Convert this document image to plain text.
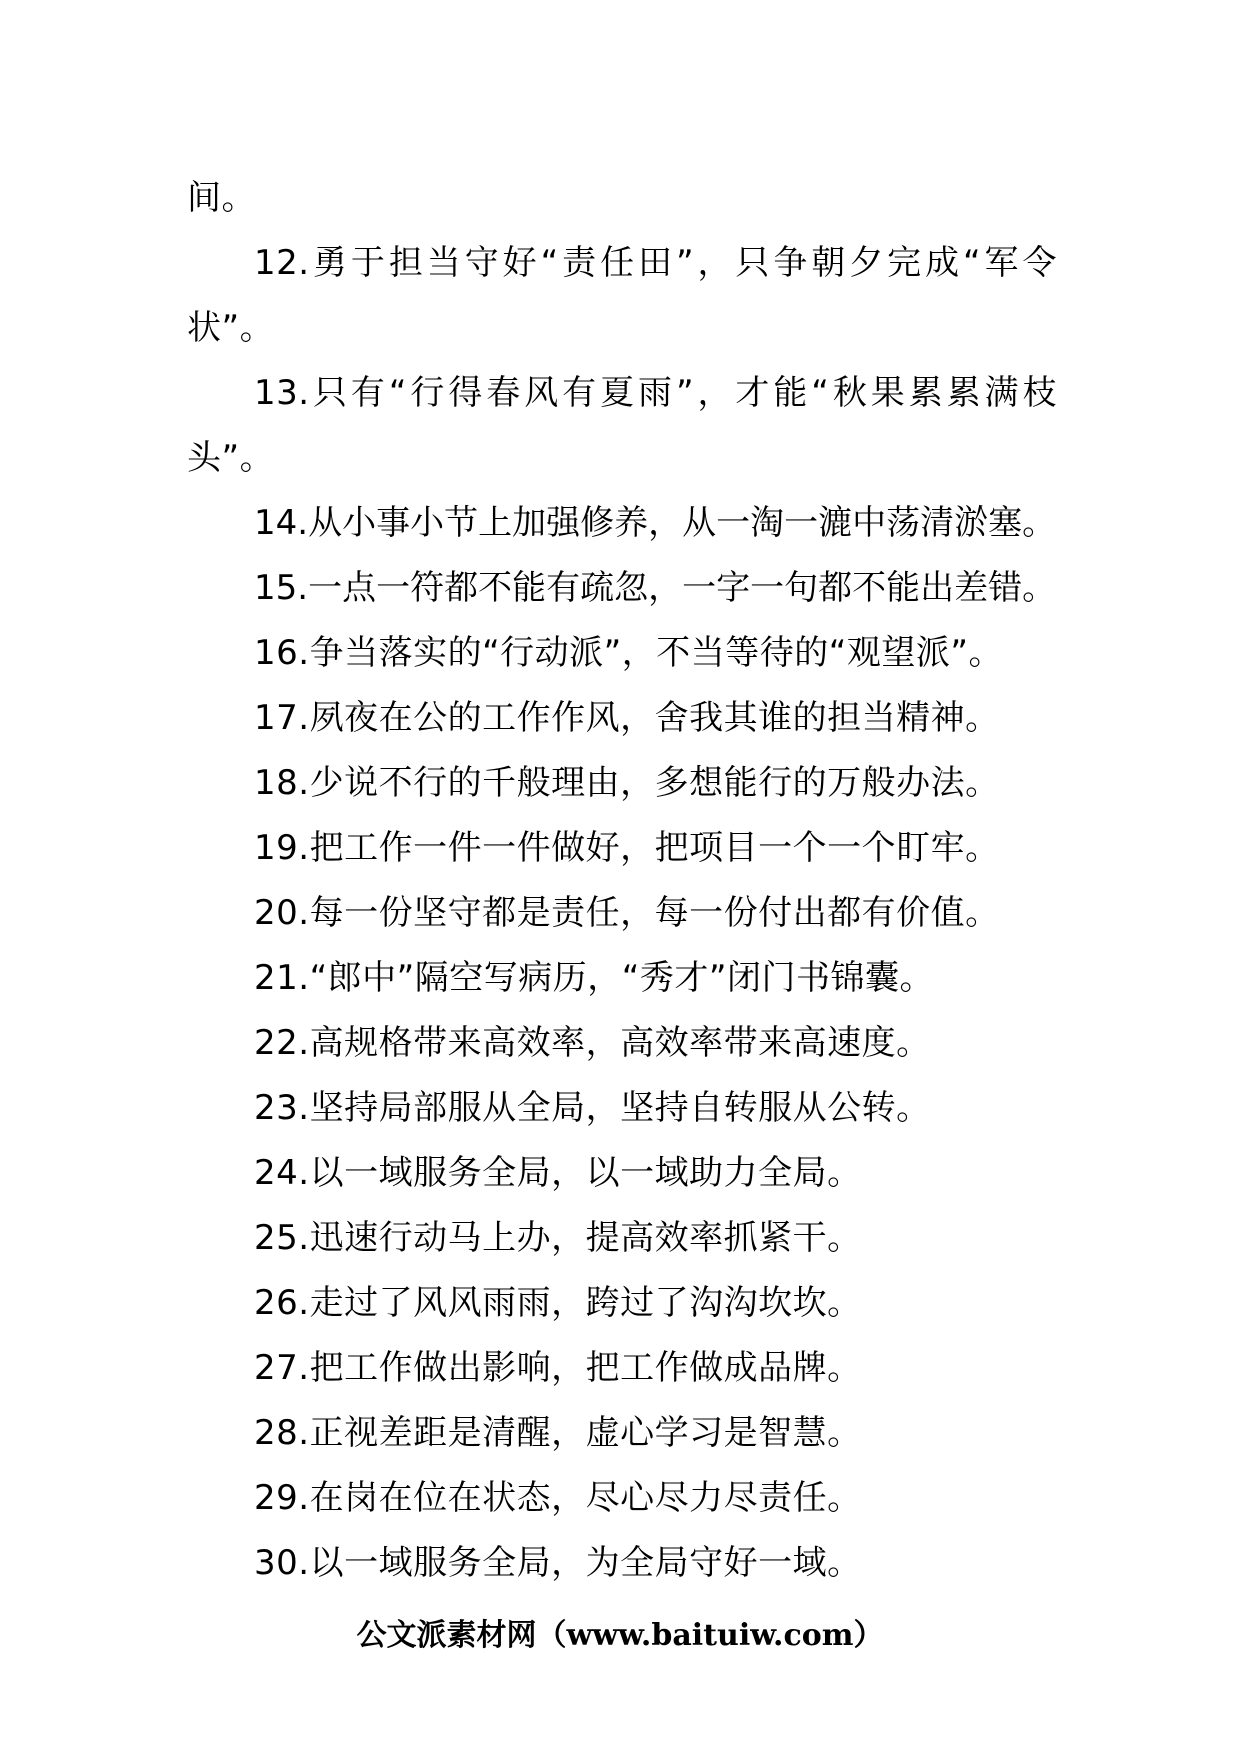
间。
12.勇于担当守好“责任田”，只争朝夕完成“军令
状”。
13.只有“行得春风有夏雨”，才能“秋果累累满枝
头”。
14.从小事小节上加强修养，从一淘一漉中荡清淤塞。
15.一点一符都不能有疏忽，一字一句都不能出差错。
16.争当落实的“行动派”，不当等待的“观望派”。
17.夙夜在公的工作作风，舍我其谁的担当精神。
18.少说不行的千般理由，多想能行的万般办法。
19.把工作一件一件做好，把项目一个一个盯牢。
20.每一份坚守都是责任，每一份付出都有价值。
21.“郎中”隔空写病历，“秀才”闭门书锦囊。
22.高规格带来高效率，高效率带来高速度。
23.坚持局部服从全局，坚持自转服从公转。
24.以一域服务全局，以一域助力全局。
25.迅速行动马上办，提高效率抓紧干。
26.走过了风风雨雨，跨过了沟沟坎坎。
27.把工作做出影响，把工作做成品牌。
28.正视差距是清醒，虚心学习是智慧。
29.在岗在位在状态，尽心尽力尽责任。
30.以一域服务全局，为全局守好一域。
公文派素材网（www.baituiw.com）
